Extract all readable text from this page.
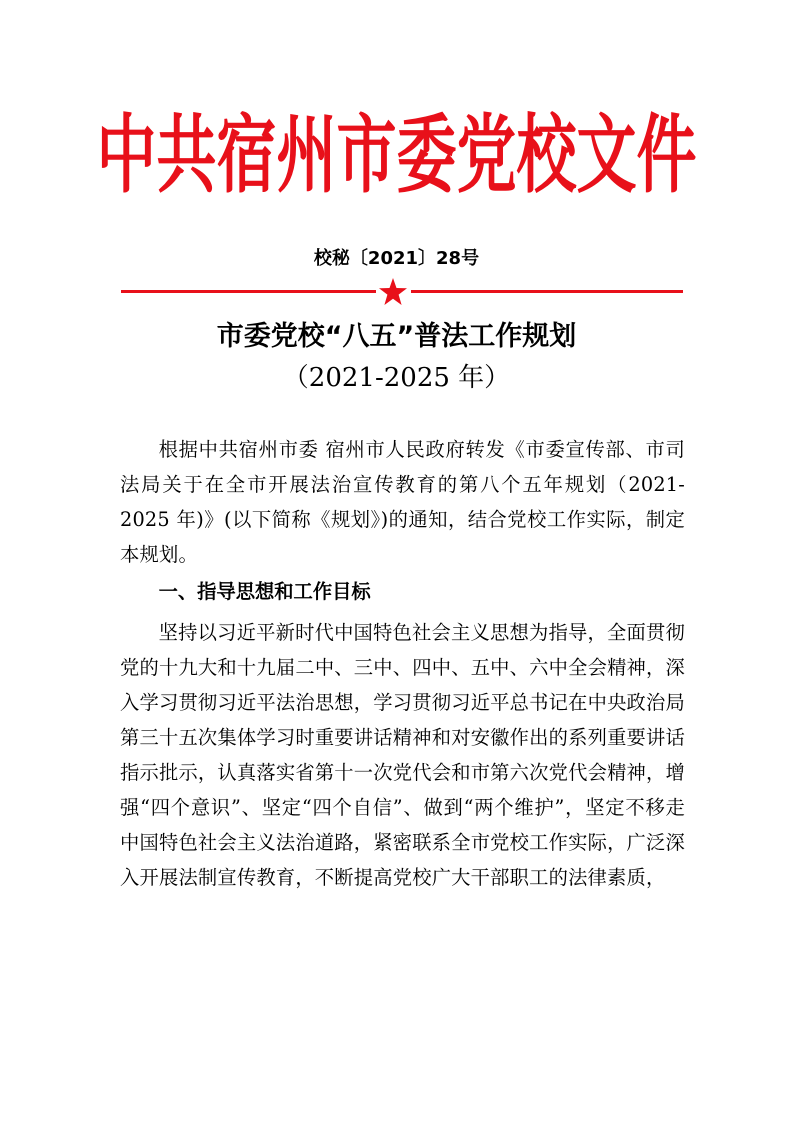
中共宿州市委党校文件
校秘〔2021〕28号
市委党校“八五”普法工作规划
（2021-2025 年）

根据中共宿州市委 宿州市人民政府转发《市委宣传部、市司法局关于在全市开展法治宣传教育的第八个五年规划（2021-2025 年)》(以下简称《规划》)的通知，结合党校工作实际，制定本规划。

一、指导思想和工作目标

坚持以习近平新时代中国特色社会主义思想为指导，全面贯彻党的十九大和十九届二中、三中、四中、五中、六中全会精神，深入学习贯彻习近平法治思想，学习贯彻习近平总书记在中央政治局第三十五次集体学习时重要讲话精神和对安徽作出的系列重要讲话指示批示，认真落实省第十一次党代会和市第六次党代会精神，增强“四个意识”、坚定“四个自信”、做到“两个维护”，坚定不移走中国特色社会主义法治道路，紧密联系全市党校工作实际，广泛深入开展法制宣传教育，不断提高党校广大干部职工的法律素质，
